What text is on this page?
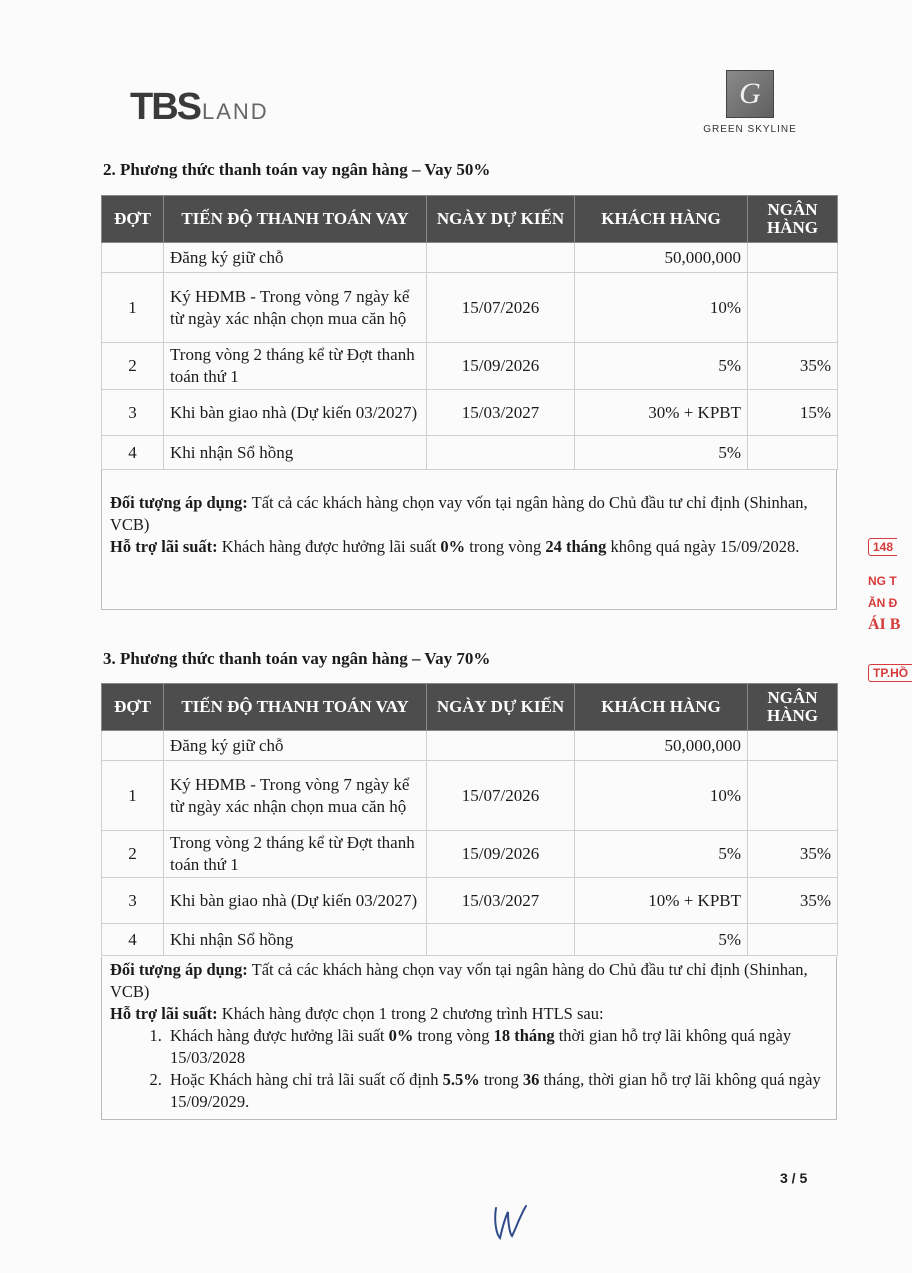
TBS LAND
G
GREEN SKYLINE
2. Phương thức thanh toán vay ngân hàng – Vay 50%
ĐỢT	TIẾN ĐỘ THANH TOÁN VAY	NGÀY DỰ KIẾN	KHÁCH HÀNG	NGÂN HÀNG
	Đăng ký giữ chỗ		50,000,000	
1	Ký HĐMB - Trong vòng 7 ngày kể từ ngày xác nhận chọn mua căn hộ	15/07/2026	10%	
2	Trong vòng 2 tháng kể từ Đợt thanh toán thứ 1	15/09/2026	5%	35%
3	Khi bàn giao nhà (Dự kiến 03/2027)	15/03/2027	30% + KPBT	15%
4	Khi nhận Sổ hồng		5%	
Đối tượng áp dụng: Tất cả các khách hàng chọn vay vốn tại ngân hàng do Chủ đầu tư chỉ định (Shinhan, VCB)
Hỗ trợ lãi suất: Khách hàng được hưởng lãi suất 0% trong vòng 24 tháng không quá ngày 15/09/2028.
3. Phương thức thanh toán vay ngân hàng – Vay 70%
ĐỢT	TIẾN ĐỘ THANH TOÁN VAY	NGÀY DỰ KIẾN	KHÁCH HÀNG	NGÂN HÀNG
	Đăng ký giữ chỗ		50,000,000	
1	Ký HĐMB - Trong vòng 7 ngày kể từ ngày xác nhận chọn mua căn hộ	15/07/2026	10%	
2	Trong vòng 2 tháng kể từ Đợt thanh toán thứ 1	15/09/2026	5%	35%
3	Khi bàn giao nhà (Dự kiến 03/2027)	15/03/2027	10% + KPBT	35%
4	Khi nhận Sổ hồng		5%	
Đối tượng áp dụng: Tất cả các khách hàng chọn vay vốn tại ngân hàng do Chủ đầu tư chỉ định (Shinhan, VCB)
Hỗ trợ lãi suất: Khách hàng được chọn 1 trong 2 chương trình HTLS sau:
1. Khách hàng được hưởng lãi suất 0% trong vòng 18 tháng thời gian hỗ trợ lãi không quá ngày 15/03/2028
2. Hoặc Khách hàng chỉ trả lãi suất cố định 5.5% trong 36 tháng, thời gian hỗ trợ lãi không quá ngày 15/09/2029.
148
NG T
ĂN Đ
ÁI B
TP.HỒ
3 / 5
